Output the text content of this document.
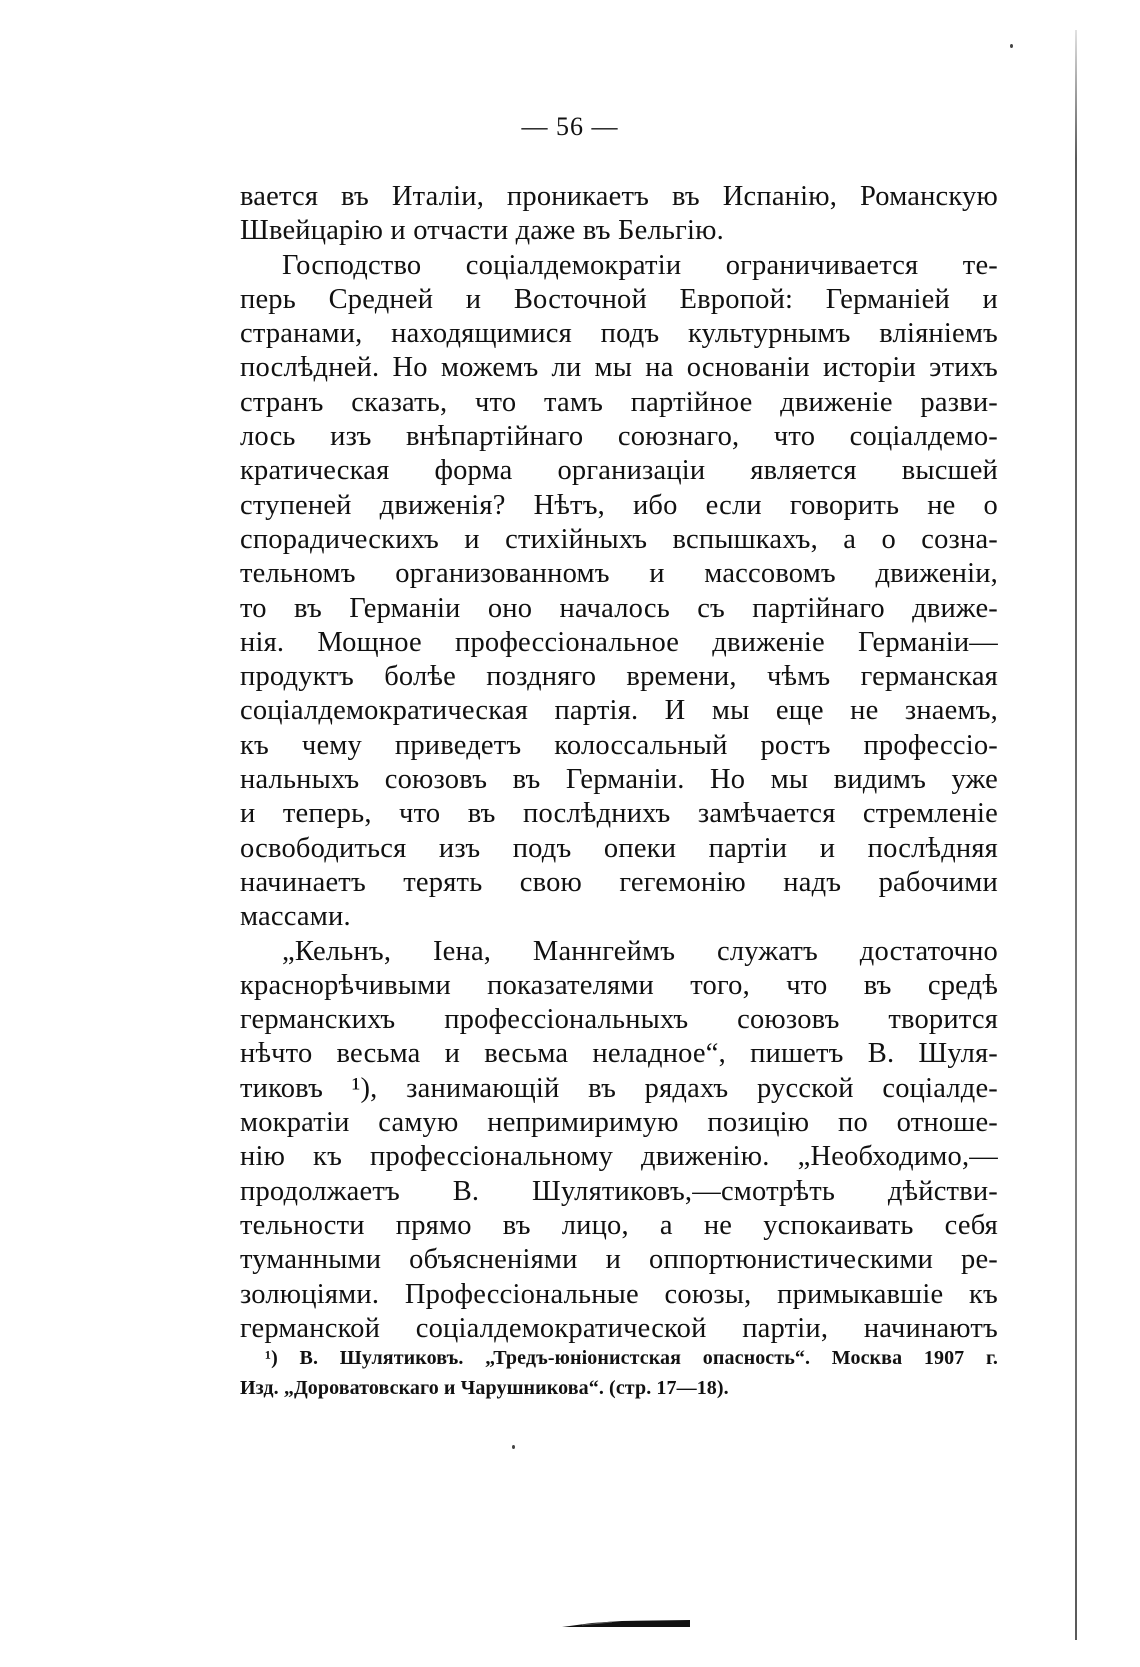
— 56 —
вается въ Италіи, проникаетъ въ Испанію, Романскую
Швейцарію и отчасти даже въ Бельгію.
Господство соціалдемократіи ограничивается те-
перь Средней и Восточной Европой: Германіей и
странами, находящимися подъ культурнымъ вліяніемъ
послѣдней. Но можемъ ли мы на основаніи исторіи этихъ
странъ сказать, что тамъ партійное движеніе разви-
лось изъ внѣпартійнаго союзнаго, что соціалдемо-
кратическая форма организаціи является высшей
ступеней движенія? Нѣтъ, ибо если говорить не о
спорадическихъ и стихійныхъ вспышкахъ, а о созна-
тельномъ организованномъ и массовомъ движеніи,
то въ Германіи оно началось съ партійнаго движе-
нія. Мощное профессіональное движеніе Германіи—
продуктъ болѣе поздняго времени, чѣмъ германская
соціалдемократическая партія. И мы еще не знаемъ,
къ чему приведетъ колоссальный ростъ профессіо-
нальныхъ союзовъ въ Германіи. Но мы видимъ уже
и теперь, что въ послѣднихъ замѣчается стремленіе
освободиться изъ подъ опеки партіи и послѣдняя
начинаетъ терять свою гегемонію надъ рабочими
массами.
„Кельнъ, Іена, Маннгеймъ служатъ достаточно
краснорѣчивыми показателями того, что въ средѣ
германскихъ профессіональныхъ союзовъ творится
нѣчто весьма и весьма неладное“, пишетъ В. Шуля-
тиковъ ¹), занимающій въ рядахъ русской соціалде-
мократіи самую непримиримую позицію по отноше-
нію къ профессіональному движенію. „Необходимо,—
продолжаетъ В. Шулятиковъ,—смотрѣть дѣйстви-
тельности прямо въ лицо, а не успокаивать себя
туманными объясненіями и оппортюнистическими ре-
золюціями. Профессіональные союзы, примыкавшіе къ
германской соціалдемократической партіи, начинаютъ
¹) В. Шулятиковъ. „Тредъ-юніонистская опасность“. Москва 1907 г.
Изд. „Дороватовскаго и Чарушникова“. (стр. 17—18).
